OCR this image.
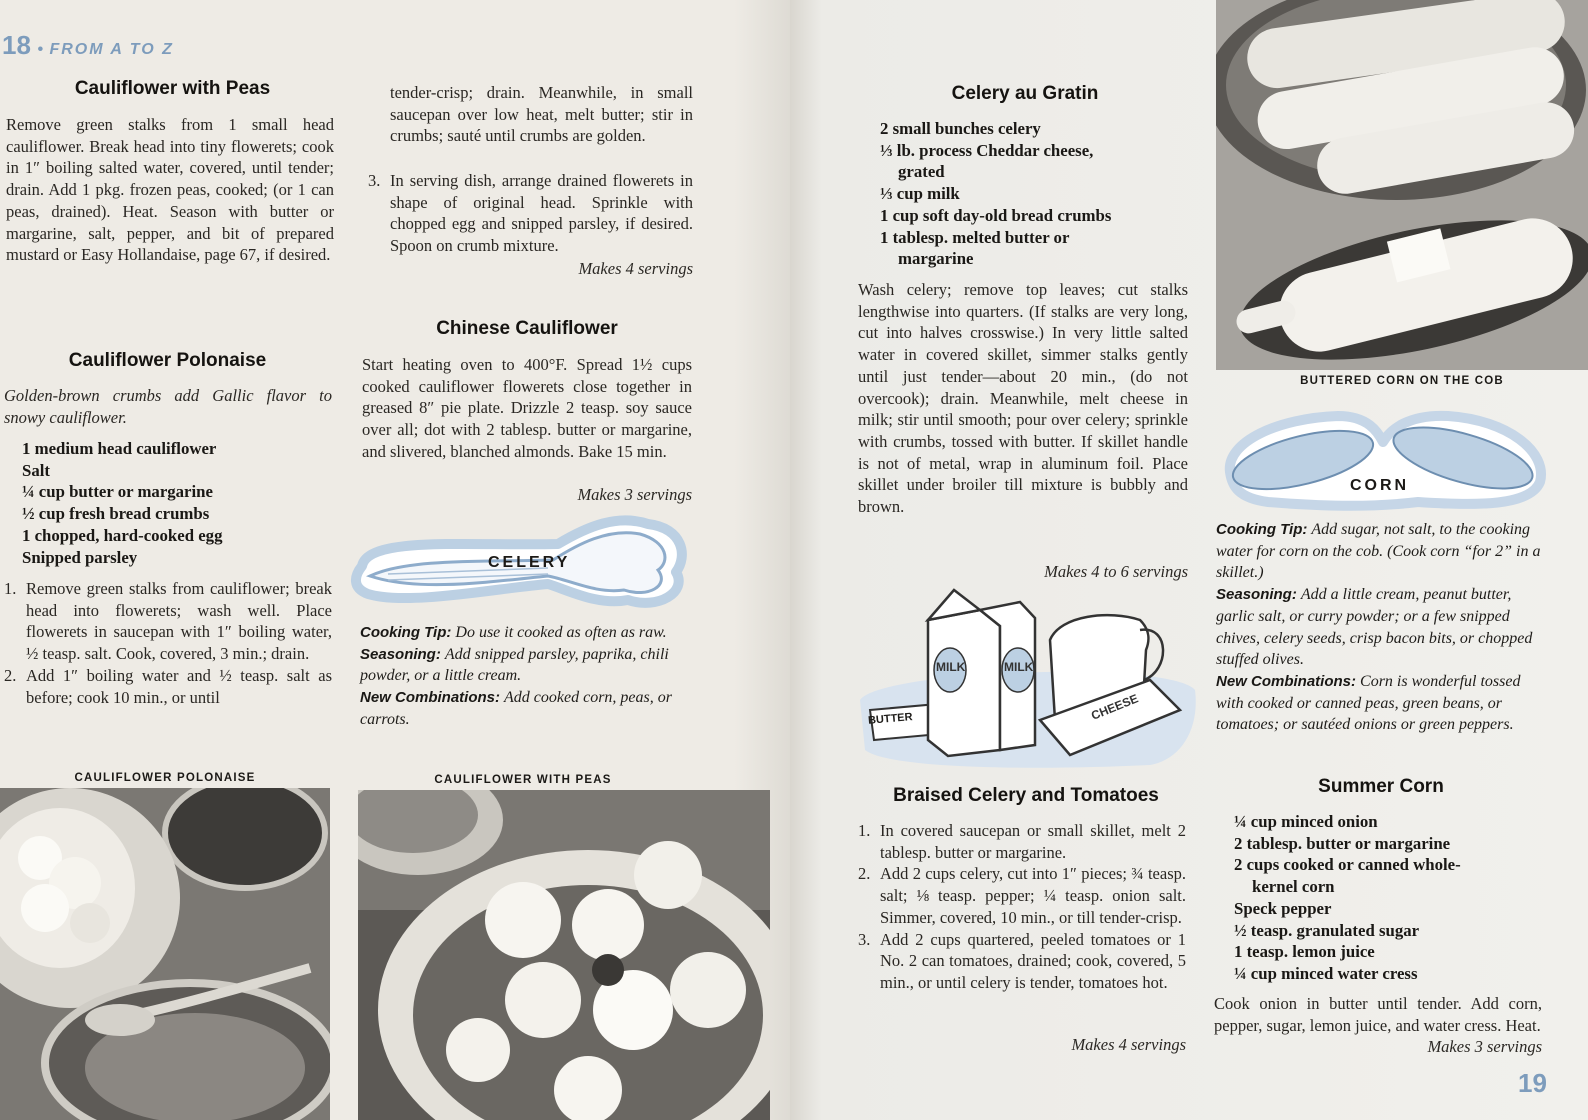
18 • FROM A TO Z
Cauliflower with Peas
Remove green stalks from 1 small head cauliflower. Break head into tiny flowerets; cook in 1″ boiling salted water, covered, until tender; drain. Add 1 pkg. frozen peas, cooked; (or 1 can peas, drained). Heat. Season with butter or margarine, salt, pepper, and bit of prepared mustard or Easy Hollandaise, page 67, if desired.
Cauliflower Polonaise
Golden-brown crumbs add Gallic flavor to snowy cauliflower.
1 medium head cauliflower
Salt
¼ cup butter or margarine
½ cup fresh bread crumbs
1 chopped, hard-cooked egg
Snipped parsley
1. Remove green stalks from cauliflower; break head into flowerets; wash well. Place flowerets in saucepan with 1″ boiling water, ½ teasp. salt. Cook, covered, 3 min.; drain.
2. Add 1″ boiling water and ½ teasp. salt as before; cook 10 min., or until
tender-crisp; drain. Meanwhile, in small saucepan over low heat, melt butter; stir in crumbs; sauté until crumbs are golden.
3. In serving dish, arrange drained flowerets in shape of original head. Sprinkle with chopped egg and snipped parsley, if desired. Spoon on crumb mixture.
Makes 4 servings
Chinese Cauliflower
Start heating oven to 400°F. Spread 1½ cups cooked cauliflower flowerets close together in greased 8″ pie plate. Drizzle 2 teasp. soy sauce over all; dot with 2 tablesp. butter or margarine, and slivered, blanched almonds. Bake 15 min.
Makes 3 servings
CELERY
Cooking Tip: Do use it cooked as often as raw.
Seasoning: Add snipped parsley, paprika, chili powder, or a little cream.
New Combinations: Add cooked corn, peas, or carrots.
CAULIFLOWER POLONAISE	CAULIFLOWER WITH PEAS
Celery au Gratin
2 small bunches celery
⅓ lb. process Cheddar cheese,
grated
⅓ cup milk
1 cup soft day-old bread crumbs
1 tablesp. melted butter or
margarine
Wash celery; remove top leaves; cut stalks lengthwise into quarters. (If stalks are very long, cut into halves crosswise.) In very little salted water in covered skillet, simmer stalks gently until just tender—about 20 min., (do not overcook); drain. Meanwhile, melt cheese in milk; stir until smooth; pour over celery; sprinkle with crumbs, tossed with butter. If skillet handle is not of metal, wrap in aluminum foil. Place skillet under broiler till mixture is bubbly and brown.
Makes 4 to 6 servings
BUTTER
MILK	MILK
CHEESE
Braised Celery and Tomatoes
1. In covered saucepan or small skillet, melt 2 tablesp. butter or margarine.
2. Add 2 cups celery, cut into 1″ pieces; ¾ teasp. salt; ⅛ teasp. pepper; ¼ teasp. onion salt. Simmer, covered, 10 min., or till tender-crisp.
3. Add 2 cups quartered, peeled tomatoes or 1 No. 2 can tomatoes, drained; cook, covered, 5 min., or until celery is tender, tomatoes hot.
Makes 4 servings
BUTTERED CORN ON THE COB
CORN
Cooking Tip: Add sugar, not salt, to the cooking water for corn on the cob. (Cook corn “for 2” in a skillet.)
Seasoning: Add a little cream, peanut butter, garlic salt, or curry powder; or a few snipped chives, celery seeds, crisp bacon bits, or chopped stuffed olives.
New Combinations: Corn is wonderful tossed with cooked or canned peas, green beans, or tomatoes; or sautéed onions or green peppers.
Summer Corn
¼ cup minced onion
2 tablesp. butter or margarine
2 cups cooked or canned whole-
kernel corn
Speck pepper
½ teasp. granulated sugar
1 teasp. lemon juice
¼ cup minced water cress
Cook onion in butter until tender. Add corn, pepper, sugar, lemon juice, and water cress. Heat.
Makes 3 servings
19
